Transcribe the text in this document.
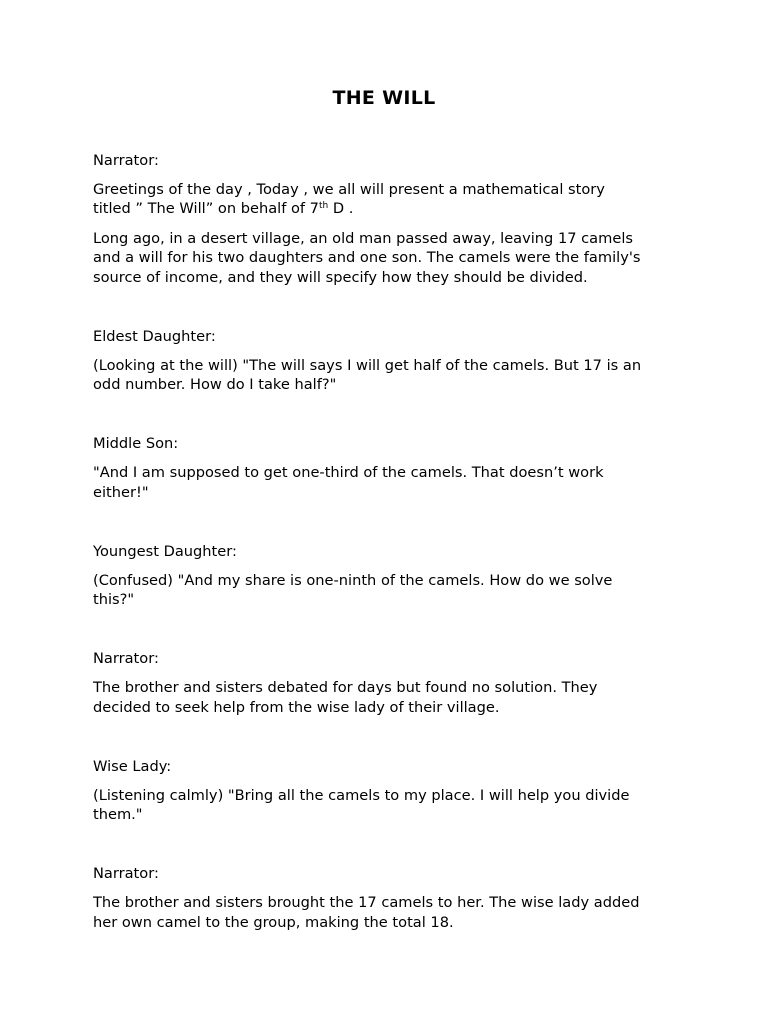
THE WILL
Narrator:
Greetings of the day , Today , we all will present a mathematical story
titled ” The Will” on behalf of 7th D .
Long ago, in a desert village, an old man passed away, leaving 17 camels
and a will for his two daughters and one son. The camels were the family's
source of income, and they will specify how they should be divided.
Eldest Daughter:
(Looking at the will) "The will says I will get half of the camels. But 17 is an
odd number. How do I take half?"
Middle Son:
"And I am supposed to get one-third of the camels. That doesn’t work
either!"
Youngest Daughter:
(Confused) "And my share is one-ninth of the camels. How do we solve
this?"
Narrator:
The brother and sisters debated for days but found no solution. They
decided to seek help from the wise lady of their village.
Wise Lady:
(Listening calmly) "Bring all the camels to my place. I will help you divide
them."
Narrator:
The brother and sisters brought the 17 camels to her. The wise lady added
her own camel to the group, making the total 18.
